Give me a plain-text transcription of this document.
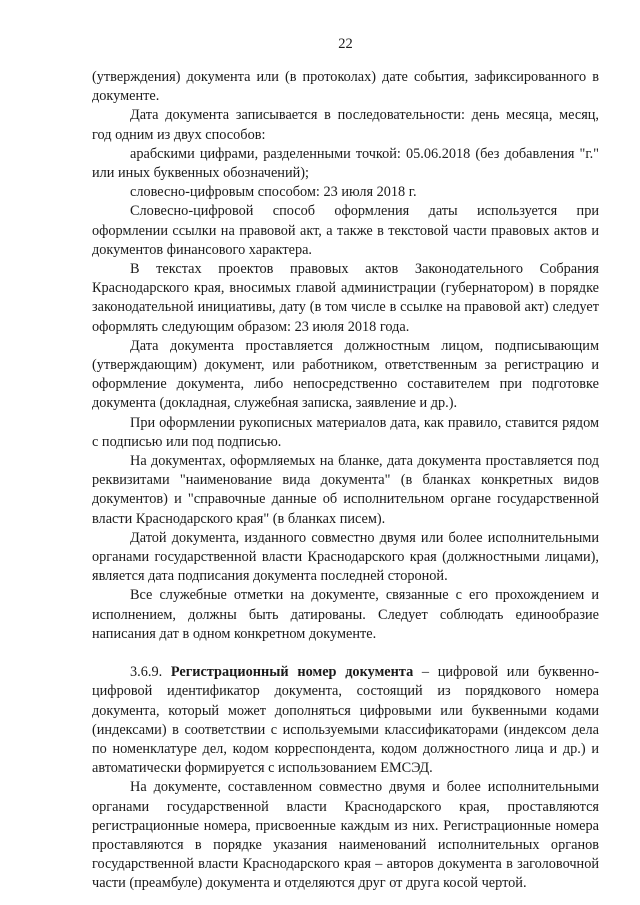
22

(утверждения) документа или (в протоколах) дате события, зафиксированного в документе.

Дата документа записывается в последовательности: день месяца, месяц, год одним из двух способов:

арабскими цифрами, разделенными точкой: 05.06.2018 (без добавления "г." или иных буквенных обозначений);

словесно-цифровым способом: 23 июля 2018 г.

Словесно-цифровой способ оформления даты используется при оформлении ссылки на правовой акт, а также в текстовой части правовых актов и документов финансового характера.

В текстах проектов правовых актов Законодательного Собрания Краснодарского края, вносимых главой администрации (губернатором) в порядке законодательной инициативы, дату (в том числе в ссылке на правовой акт) следует оформлять следующим образом: 23 июля 2018 года.

Дата документа проставляется должностным лицом, подписывающим (утверждающим) документ, или работником, ответственным за регистрацию и оформление документа, либо непосредственно составителем при подготовке документа (докладная, служебная записка, заявление и др.).

При оформлении рукописных материалов дата, как правило, ставится рядом с подписью или под подписью.

На документах, оформляемых на бланке, дата документа проставляется под реквизитами "наименование вида документа" (в бланках конкретных видов документов) и "справочные данные об исполнительном органе государственной власти Краснодарского края" (в бланках писем).

Датой документа, изданного совместно двумя или более исполнительными органами государственной власти Краснодарского края (должностными лицами), является дата подписания документа последней стороной.

Все служебные отметки на документе, связанные с его прохождением и исполнением, должны быть датированы. Следует соблюдать единообразие написания дат в одном конкретном документе.

3.6.9. Регистрационный номер документа – цифровой или буквенно-цифровой идентификатор документа, состоящий из порядкового номера документа, который может дополняться цифровыми или буквенными кодами (индексами) в соответствии с используемыми классификаторами (индексом дела по номенклатуре дел, кодом корреспондента, кодом должностного лица и др.) и автоматически формируется с использованием ЕМСЭД.

На документе, составленном совместно двумя и более исполнительными органами государственной власти Краснодарского края, проставляются регистрационные номера, присвоенные каждым из них. Регистрационные номера проставляются в порядке указания наименований исполнительных органов государственной власти Краснодарского края – авторов документа в заголовочной части (преамбуле) документа и отделяются друг от друга косой чертой.
